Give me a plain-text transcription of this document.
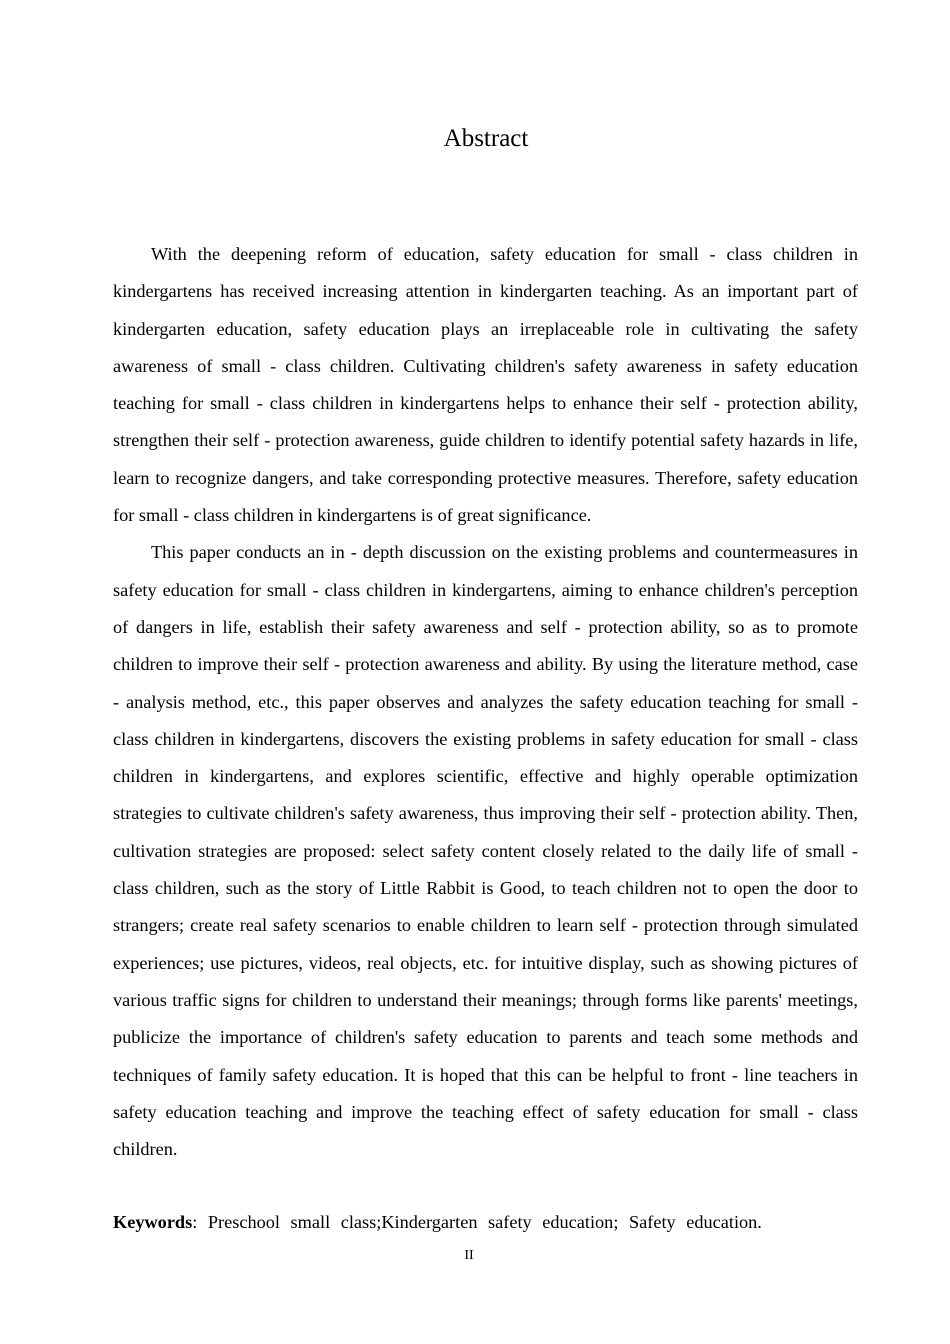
Abstract

With the deepening reform of education, safety education for small - class children in kindergartens has received increasing attention in kindergarten teaching. As an important part of kindergarten education, safety education plays an irreplaceable role in cultivating the safety awareness of small - class children. Cultivating children's safety awareness in safety education teaching for small - class children in kindergartens helps to enhance their self - protection ability, strengthen their self - protection awareness, guide children to identify potential safety hazards in life, learn to recognize dangers, and take corresponding protective measures. Therefore, safety education for small - class children in kindergartens is of great significance.

This paper conducts an in - depth discussion on the existing problems and countermeasures in safety education for small - class children in kindergartens, aiming to enhance children's perception of dangers in life, establish their safety awareness and self - protection ability, so as to promote children to improve their self - protection awareness and ability. By using the literature method, case - analysis method, etc., this paper observes and analyzes the safety education teaching for small - class children in kindergartens, discovers the existing problems in safety education for small - class children in kindergartens, and explores scientific, effective and highly operable optimization strategies to cultivate children's safety awareness, thus improving their self - protection ability. Then, cultivation strategies are proposed: select safety content closely related to the daily life of small - class children, such as the story of Little Rabbit is Good, to teach children not to open the door to strangers; create real safety scenarios to enable children to learn self - protection through simulated experiences; use pictures, videos, real objects, etc. for intuitive display, such as showing pictures of various traffic signs for children to understand their meanings; through forms like parents' meetings, publicize the importance of children's safety education to parents and teach some methods and techniques of family safety education. It is hoped that this can be helpful to front - line teachers in safety education teaching and improve the teaching effect of safety education for small - class children.

Keywords: Preschool small class;Kindergarten safety education; Safety education.

II
